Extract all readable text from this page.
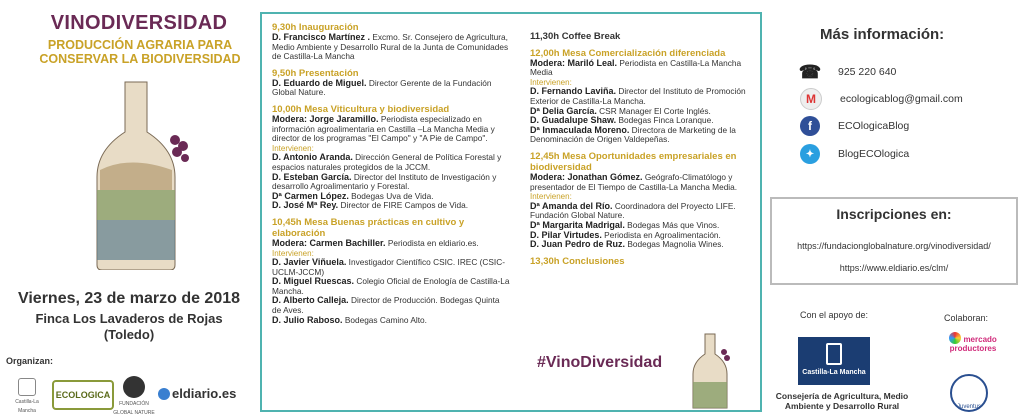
VINODIVERSIDAD
PRODUCCIÓN AGRARIA PARA
CONSERVAR LA BIODIVERSIDAD
Viernes, 23 de marzo de 2018
Finca Los Lavaderos de Rojas
(Toledo)
Organizan:
Castilla-La Mancha
ECOLOGICA
FUNDACIÓN GLOBAL NATURE
eldiario.es

9,30h Inauguración

D. Francisco Martínez . Excmo. Sr. Consejero de Agricultura, Medio Ambiente y Desarrollo Rural de la Junta de Comunidades de Castilla-La Mancha

9,50h Presentación

D. Eduardo de Miguel. Director Gerente de la Fundación Global Nature.

10,00h Mesa Viticultura y biodiversidad

Modera: Jorge Jaramillo. Periodista especializado en información agroalimentaria en Castilla –La Mancha Media y director de los programas "El Campo" y "A Pie de Campo".

Intervienen:

D. Antonio Aranda. Dirección General de Política Forestal y espacios naturales protegidos de la JCCM.

D. Esteban García. Director del Instituto de Investigación y desarrollo Agroalimentario y Forestal.

Dª Carmen López. Bodegas Uva de Vida.

D. José Mª Rey. Director de FIRE Campos de Vida.

10,45h Mesa Buenas prácticas en cultivo y elaboración

Modera: Carmen Bachiller. Periodista en eldiario.es.

Intervienen:

D. Javier Viñuela. Investigador Científico CSIC. IREC (CSIC-UCLM-JCCM)

D. Miguel Ruescas. Colegio Oficial de Enología de Castilla-La Mancha.

D. Alberto Calleja. Director de Producción. Bodegas Quinta de Aves.

D. Julio Raboso. Bodegas Camino Alto.

11,30h Coffee Break

12,00h Mesa Comercialización diferenciada

Modera: Mariló Leal. Periodista en Castilla-La Mancha Media

Intervienen:

D. Fernando Laviña. Director del Instituto de Promoción Exterior de Castilla-La Mancha.

Dª Delia García. CSR Manager El Corte Inglés.

D. Guadalupe Shaw. Bodegas Finca Loranque.

Dª Inmaculada Moreno. Directora de Marketing de la Denominación de Origen Valdepeñas.

12,45h Mesa Oportunidades empresariales en biodiversidad

Modera: Jonathan Gómez. Geógrafo-Climatólogo y presentador de El Tiempo de Castilla-La Mancha Media.

Intervienen:

Dª Amanda del Río. Coordinadora del Proyecto LIFE. Fundación Global Nature.

Dª Margarita Madrigal. Bodegas Más que Vinos.

D. Pilar Virtudes. Periodista en Agroalimentación.

D. Juan Pedro de Ruz. Bodegas Magnolia Wines.

13,30h Conclusiones

#VinoDiversidad
Más información:
☎ 925 220 640
M	ecologicablog@gmail.com
f	ECOlogicaBlog
✦	BlogECOlogica
Inscripciones en:
https://fundacionglobalnature.org/vinodiversidad/
https://www.eldiario.es/clm/
Con el apoyo de:	Colaboran:
Castilla-La Mancha
Consejería de Agricultura, Medio
Ambiente y Desarrollo Rural
mercado productores
Juventus
